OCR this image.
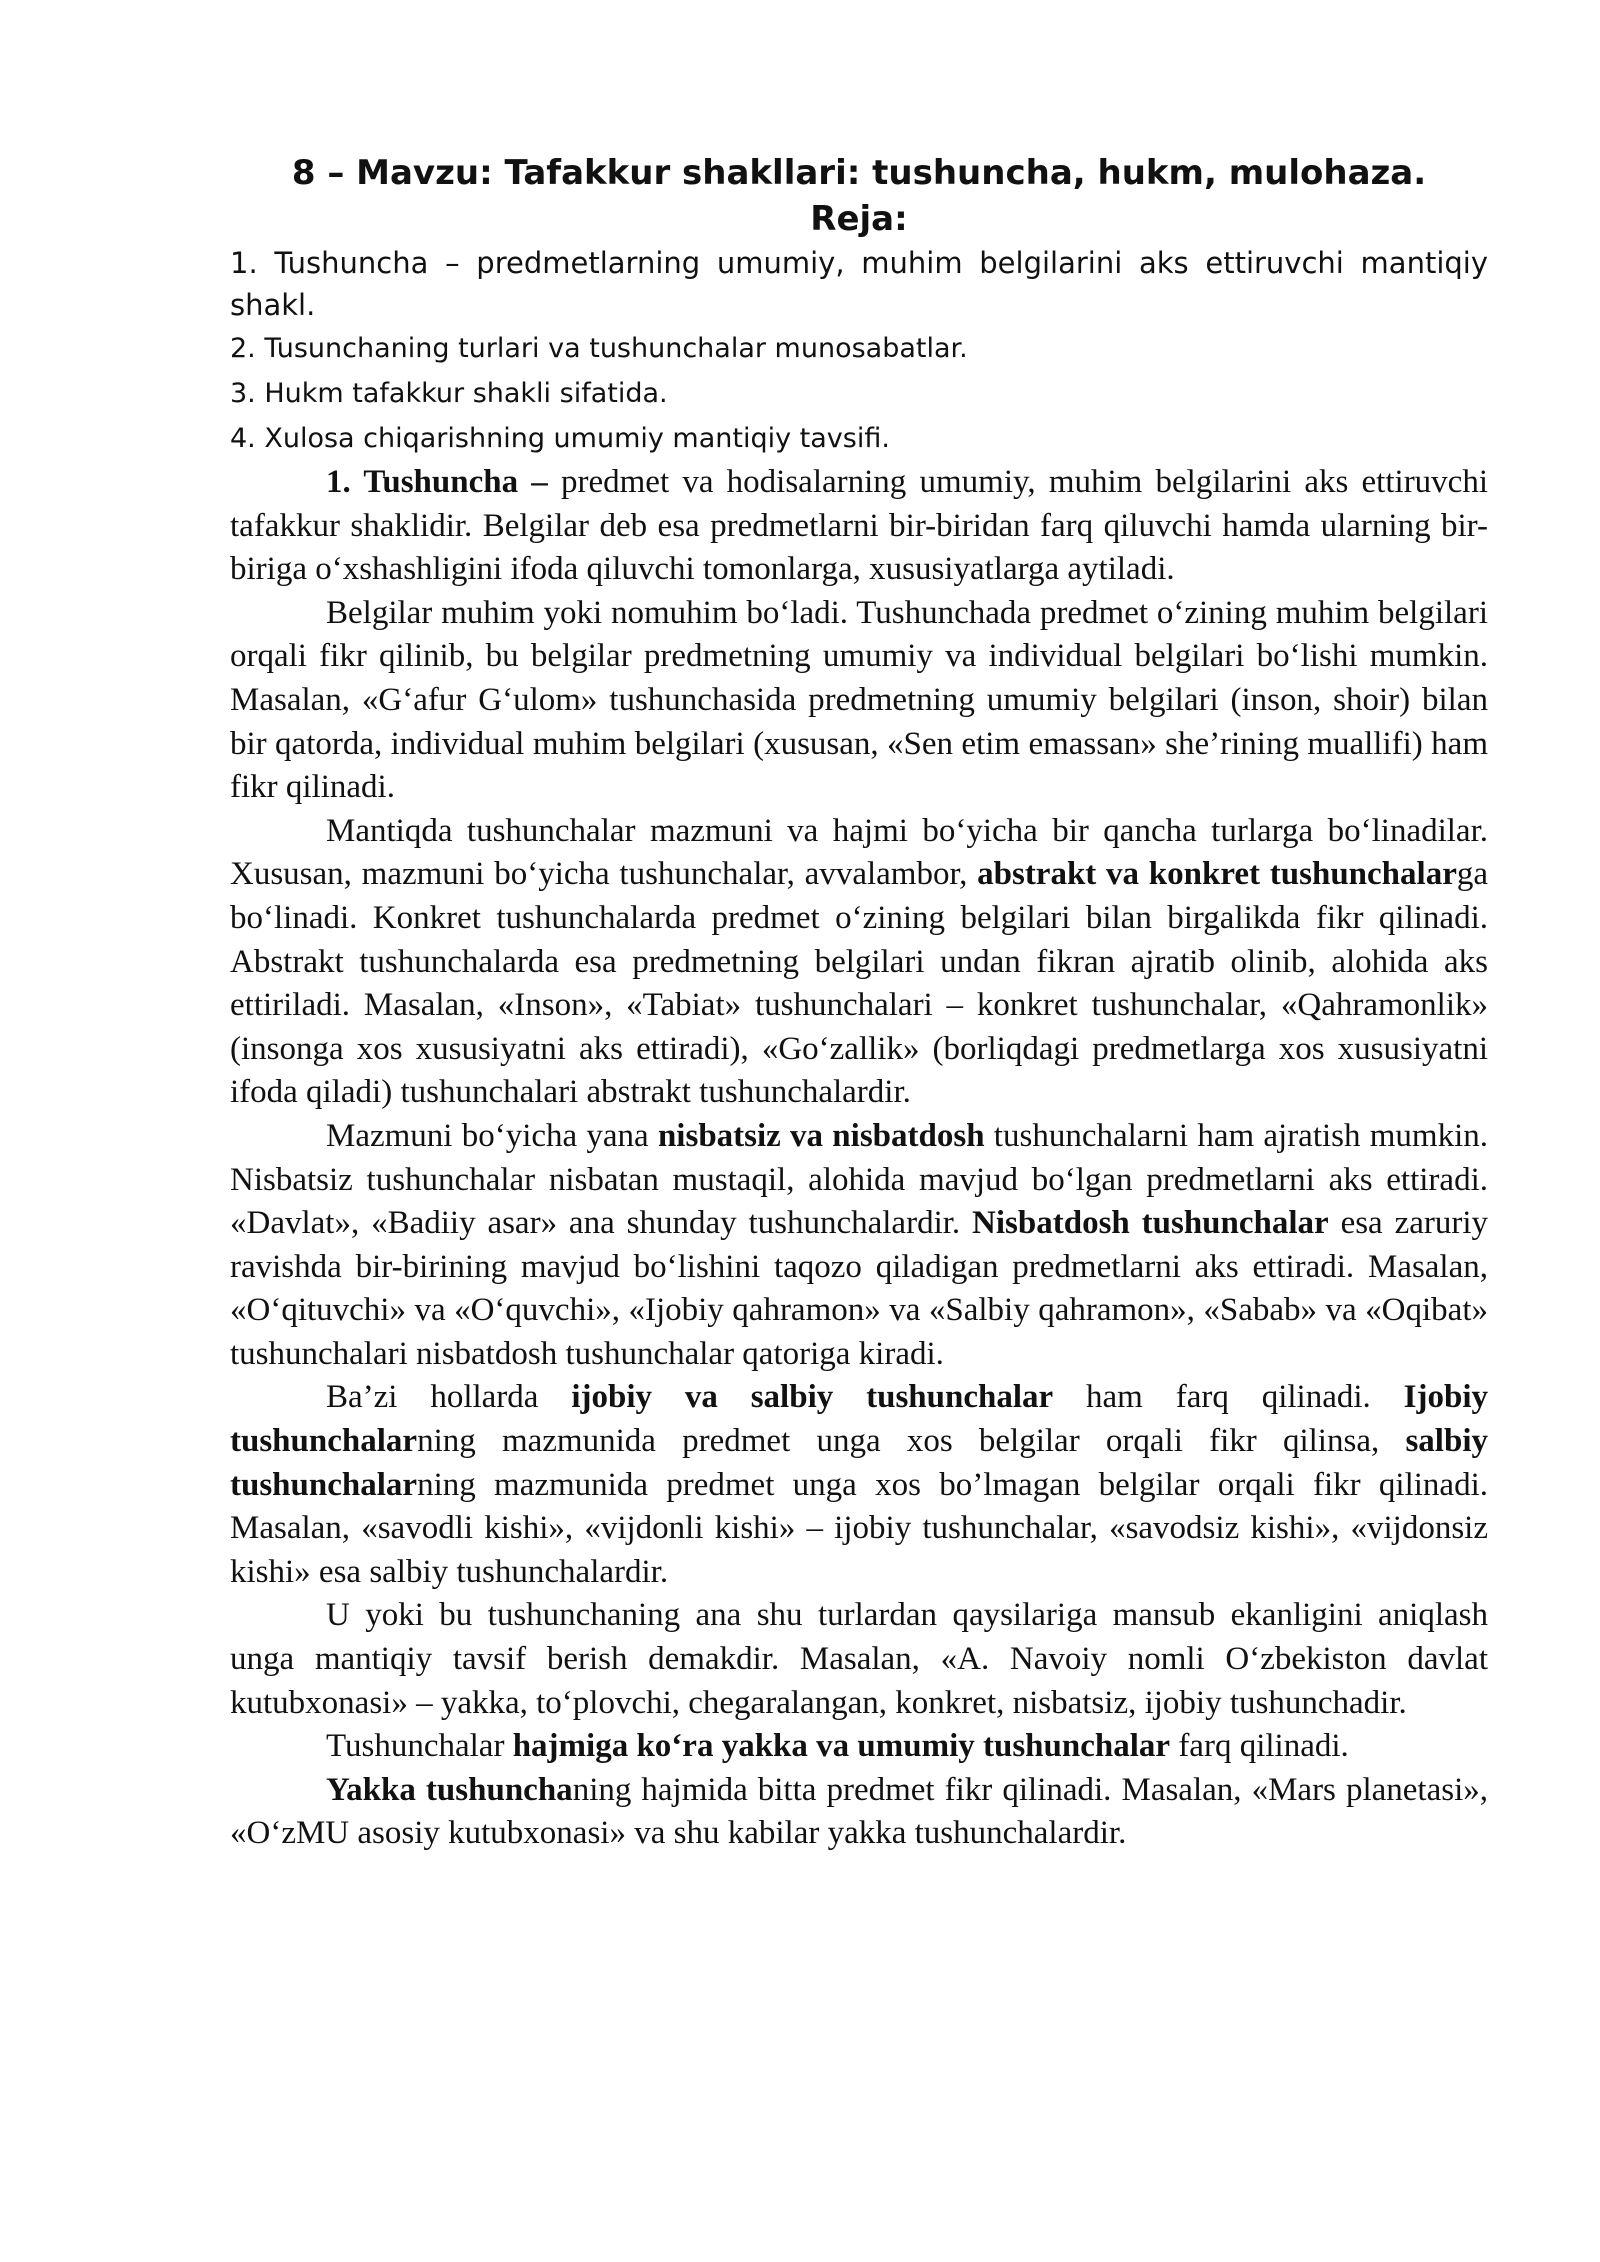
8 – Mavzu: Tafakkur shakllari: tushuncha, hukm, mulohaza.
Reja:

1. Tushuncha – predmetlarning umumiy, muhim belgilarini aks ettiruvchi mantiqiy shakl.

2. Tusunchaning turlari va tushunchalar munosabatlar.

3. Hukm tafakkur shakli sifatida.

4. Xulosa chiqarishning umumiy mantiqiy tavsifi.

1. Tushuncha – predmet va hodisalarning umumiy, muhim belgilarini aks ettiruvchi tafakkur shaklidir. Belgilar deb esa predmetlarni bir-biridan farq qiluvchi hamda ularning bir-biriga o‘xshashligini ifoda qiluvchi tomonlarga, xususiyatlarga aytiladi.

Belgilar muhim yoki nomuhim bo‘ladi. Tushunchada predmet o‘zining muhim belgilari orqali fikr qilinib, bu belgilar predmetning umumiy va individual belgilari bo‘lishi mumkin. Masalan, «G‘afur G‘ulom» tushunchasida predmetning umumiy belgilari (inson, shoir) bilan bir qatorda, individual muhim belgilari (xususan, «Sen etim emassan» she’rining muallifi) ham fikr qilinadi.

Mantiqda tushunchalar mazmuni va hajmi bo‘yicha bir qancha turlarga bo‘linadilar. Xususan, mazmuni bo‘yicha tushunchalar, avvalambor, abstrakt va konkret tushunchalarga bo‘linadi. Konkret tushunchalarda predmet o‘zining belgilari bilan birgalikda fikr qilinadi. Abstrakt tushunchalarda esa predmetning belgilari undan fikran ajratib olinib, alohida aks ettiriladi. Masalan, «Inson», «Tabiat» tushunchalari – konkret tushunchalar, «Qahramonlik» (insonga xos xususiyatni aks ettiradi), «Go‘zallik» (borliqdagi predmetlarga xos xususiyatni ifoda qiladi) tushunchalari abstrakt tushunchalardir.

Mazmuni bo‘yicha yana nisbatsiz va nisbatdosh tushunchalarni ham ajratish mumkin. Nisbatsiz tushunchalar nisbatan mustaqil, alohida mavjud bo‘lgan predmetlarni aks ettiradi. «Davlat», «Badiiy asar» ana shunday tushunchalardir. Nisbatdosh tushunchalar esa zaruriy ravishda bir-birining mavjud bo‘lishini taqozo qiladigan predmetlarni aks ettiradi. Masalan, «O‘qituvchi» va «O‘quvchi», «Ijobiy qahramon» va «Salbiy qahramon», «Sabab» va «Oqibat» tushunchalari nisbatdosh tushunchalar qatoriga kiradi.

Ba’zi hollarda ijobiy va salbiy tushunchalar ham farq qilinadi. Ijobiy tushunchalarning mazmunida predmet unga xos belgilar orqali fikr qilinsa, salbiy tushunchalarning mazmunida predmet unga xos bo’lmagan belgilar orqali fikr qilinadi. Masalan, «savodli kishi», «vijdonli kishi» – ijobiy tushunchalar, «savodsiz kishi», «vijdonsiz kishi» esa salbiy tushunchalardir.

U yoki bu tushunchaning ana shu turlardan qaysilariga mansub ekanligini aniqlash unga mantiqiy tavsif berish demakdir. Masalan, «A. Navoiy nomli O‘zbekiston davlat kutubxonasi» – yakka, to‘plovchi, chegaralangan, konkret, nisbatsiz, ijobiy tushunchadir.

Tushunchalar hajmiga ko‘ra yakka va umumiy tushunchalar farq qilinadi.

Yakka tushunchaning hajmida bitta predmet fikr qilinadi. Masalan, «Mars planetasi», «O‘zMU asosiy kutubxonasi» va shu kabilar yakka tushunchalardir.
